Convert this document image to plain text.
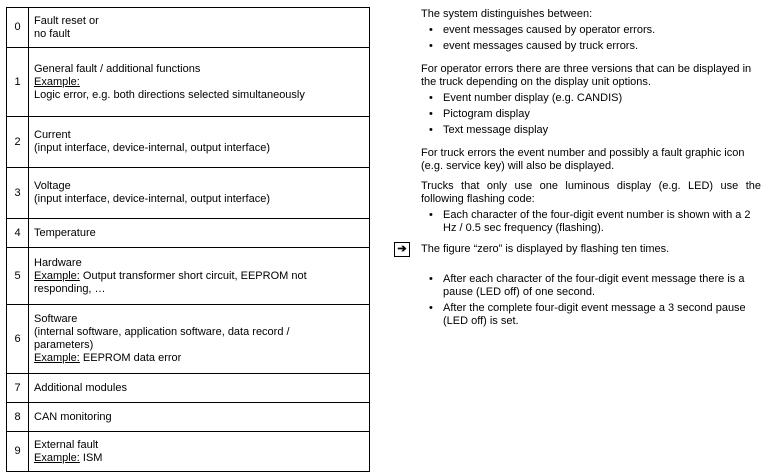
0	Fault reset or
no fault

1	General fault / additional functions
Example:
Logic error, e.g. both directions selected simultaneously

2	Current
(input interface, device-internal, output interface)

3	Voltage
(input interface, device-internal, output interface)

4	Temperature

5	Hardware
Example: Output transformer short circuit, EEPROM not responding, …

6	Software
(internal software, application software, data record /
parameters)
Example: EEPROM data error

7	Additional modules

8	CAN monitoring

9	External fault
Example: ISM

The system distinguishes between:

• event messages caused by operator errors.
• event messages caused by truck errors.

For operator errors there are three versions that can be displayed in the truck depending on the display unit options.

• Event number display (e.g. CANDIS)
• Pictogram display
• Text message display

For truck errors the event number and possibly a fault graphic icon (e.g. service key) will also be displayed.

Trucks that only use one luminous display (e.g. LED) use the following flashing code:

• Each character of the four-digit event number is shown with a 2 Hz / 0.5 sec frequency (flashing).
➔	The figure “zero” is displayed by flashing ten times.

• After each character of the four-digit event message there is a pause (LED off) of one second.
• After the complete four-digit event message a 3 second pause (LED off) is set.
